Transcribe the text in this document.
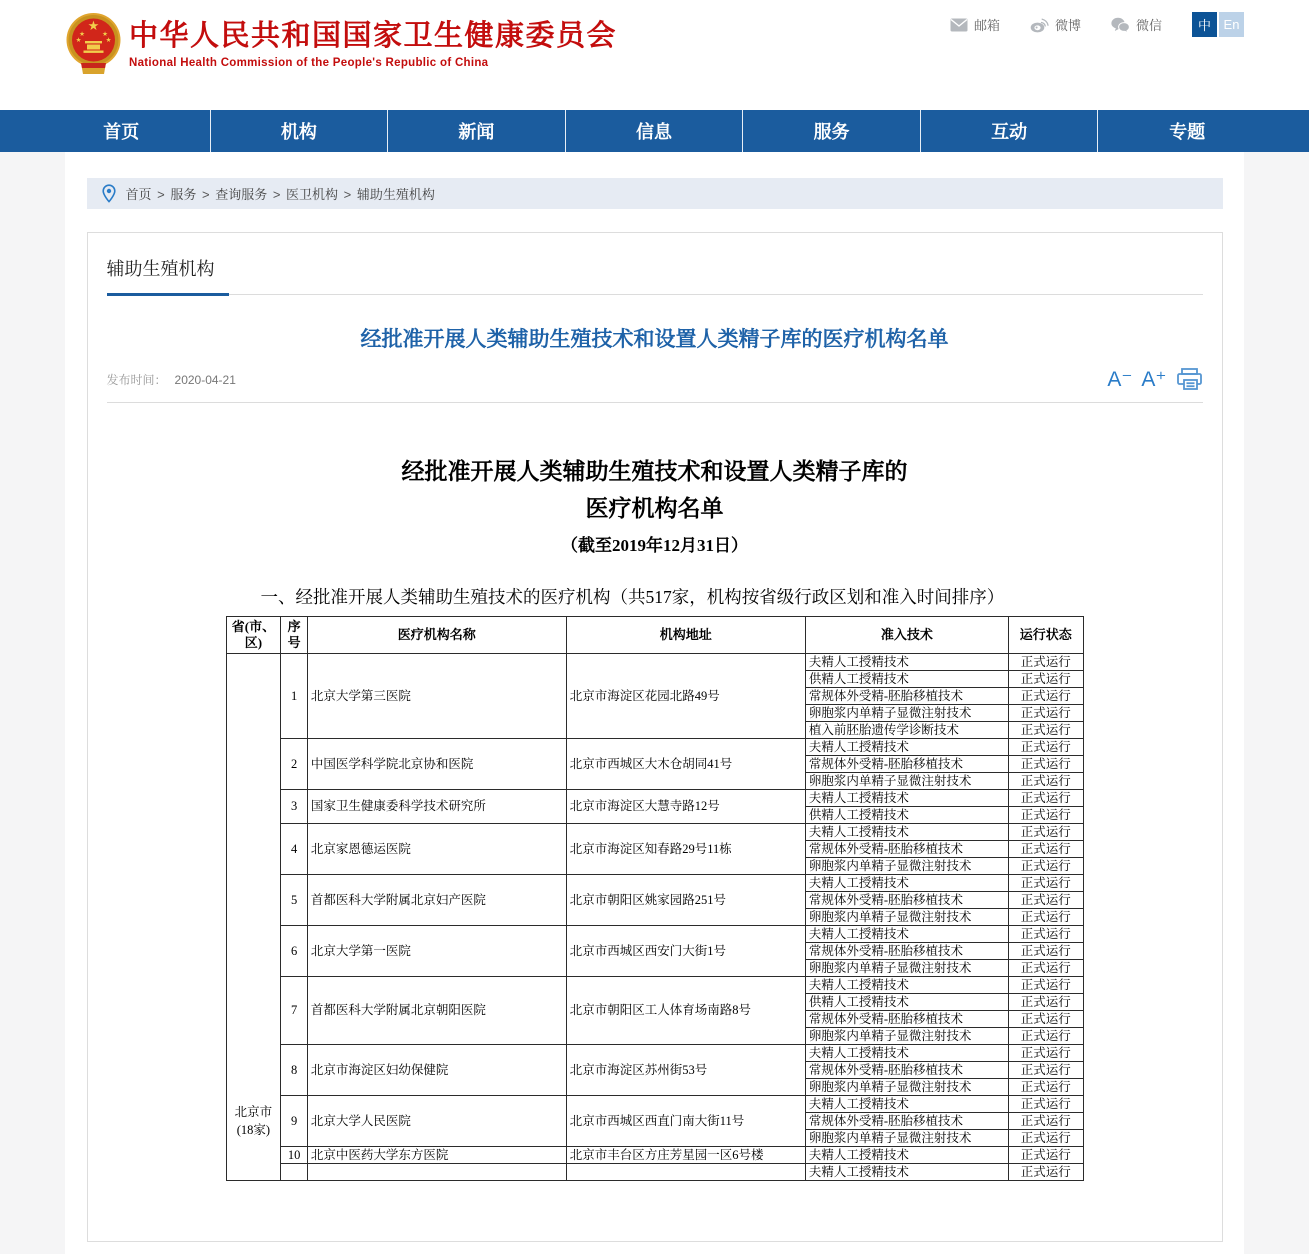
★
★	★
★	★ 中华人民共和国国家卫生健康委员会
National Health Commission of the People's Republic of China
邮箱	微博	微信	中 En
首页	机构	新闻	信息	服务	互动	专题
首页 > 服务 > 查询服务 > 医卫机构 > 辅助生殖机构
辅助生殖机构
经批准开展人类辅助生殖技术和设置人类精子库的医疗机构名单
发布时间： 2020-04-21	A⁻ A⁺
经批准开展人类辅助生殖技术和设置人类精子库的
医疗机构名单
（截至2019年12月31日）

一、经批准开展人类辅助生殖技术的医疗机构（共517家，机构按省级行政区划和准入时间排序）

省(市、区)	序号	医疗机构名称	机构地址	准入技术	运行状态

北京市
(18家)	1	北京大学第三医院	北京市海淀区花园北路49号	夫精人工授精技术	正式运行
				供精人工授精技术	正式运行
				常规体外受精-胚胎移植技术	正式运行
				卵胞浆内单精子显微注射技术	正式运行
				植入前胚胎遗传学诊断技术	正式运行
	2	中国医学科学院北京协和医院	北京市西城区大木仓胡同41号	夫精人工授精技术	正式运行
				常规体外受精-胚胎移植技术	正式运行
				卵胞浆内单精子显微注射技术	正式运行
	3	国家卫生健康委科学技术研究所	北京市海淀区大慧寺路12号	夫精人工授精技术	正式运行
				供精人工授精技术	正式运行
	4	北京家恩德运医院	北京市海淀区知春路29号11栋	夫精人工授精技术	正式运行
				常规体外受精-胚胎移植技术	正式运行
				卵胞浆内单精子显微注射技术	正式运行
	5	首都医科大学附属北京妇产医院	北京市朝阳区姚家园路251号	夫精人工授精技术	正式运行
				常规体外受精-胚胎移植技术	正式运行
				卵胞浆内单精子显微注射技术	正式运行
	6	北京大学第一医院	北京市西城区西安门大街1号	夫精人工授精技术	正式运行
				常规体外受精-胚胎移植技术	正式运行
				卵胞浆内单精子显微注射技术	正式运行
	7	首都医科大学附属北京朝阳医院	北京市朝阳区工人体育场南路8号	夫精人工授精技术	正式运行
				供精人工授精技术	正式运行
				常规体外受精-胚胎移植技术	正式运行
				卵胞浆内单精子显微注射技术	正式运行
	8	北京市海淀区妇幼保健院	北京市海淀区苏州街53号	夫精人工授精技术	正式运行
				常规体外受精-胚胎移植技术	正式运行
				卵胞浆内单精子显微注射技术	正式运行
	9	北京大学人民医院	北京市西城区西直门南大街11号	夫精人工授精技术	正式运行
				常规体外受精-胚胎移植技术	正式运行
				卵胞浆内单精子显微注射技术	正式运行
	10	北京中医药大学东方医院	北京市丰台区方庄芳星园一区6号楼	夫精人工授精技术	正式运行
				夫精人工授精技术	正式运行
